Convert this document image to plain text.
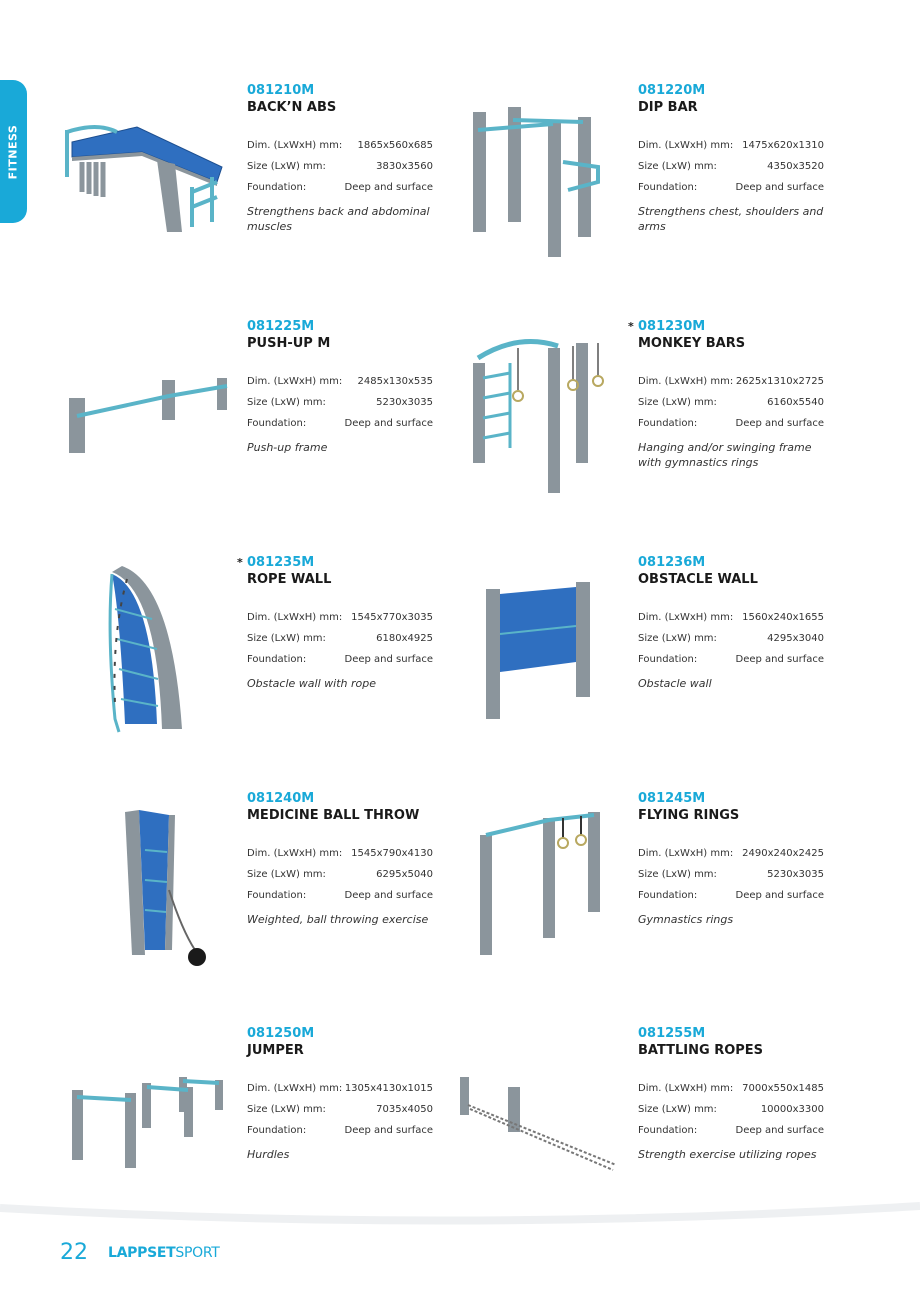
FITNESS
081210M
BACK’N ABS
Dim. (LxWxH) mm: 1865x560x685
Size (LxW) mm:	3830x3560
Foundation:	Deep and surface
Strengthens back and abdominal muscles
081220M
DIP BAR
Dim. (LxWxH) mm: 1475x620x1310
Size (LxW) mm:	4350x3520
Foundation:	Deep and surface
Strengthens chest, shoulders and arms
081225M
PUSH-UP M
Dim. (LxWxH) mm: 2485x130x535
Size (LxW) mm:	5230x3035
Foundation:	Deep and surface
Push-up frame
* 081230M
MONKEY BARS
Dim. (LxWxH) mm: 2625x1310x2725
Size (LxW) mm:	6160x5540
Foundation:	Deep and surface
Hanging and/or swinging frame with gymnastics rings
* 081235M
ROPE WALL
Dim. (LxWxH) mm: 1545x770x3035
Size (LxW) mm:	6180x4925
Foundation:	Deep and surface
Obstacle wall with rope
081236M
OBSTACLE WALL
Dim. (LxWxH) mm: 1560x240x1655
Size (LxW) mm:	4295x3040
Foundation:	Deep and surface
Obstacle wall
081240M
MEDICINE BALL THROW
Dim. (LxWxH) mm: 1545x790x4130
Size (LxW) mm:	6295x5040
Foundation:	Deep and surface
Weighted, ball throwing exercise
081245M
FLYING RINGS
Dim. (LxWxH) mm: 2490x240x2425
Size (LxW) mm:	5230x3035
Foundation:	Deep and surface
Gymnastics rings
081250M
JUMPER
Dim. (LxWxH) mm: 1305x4130x1015
Size (LxW) mm:	7035x4050
Foundation:	Deep and surface
Hurdles
081255M
BATTLING ROPES
Dim. (LxWxH) mm: 7000x550x1485
Size (LxW) mm:	10000x3300
Foundation:	Deep and surface
Strength exercise utilizing ropes
22 LAPPSETSPORT
